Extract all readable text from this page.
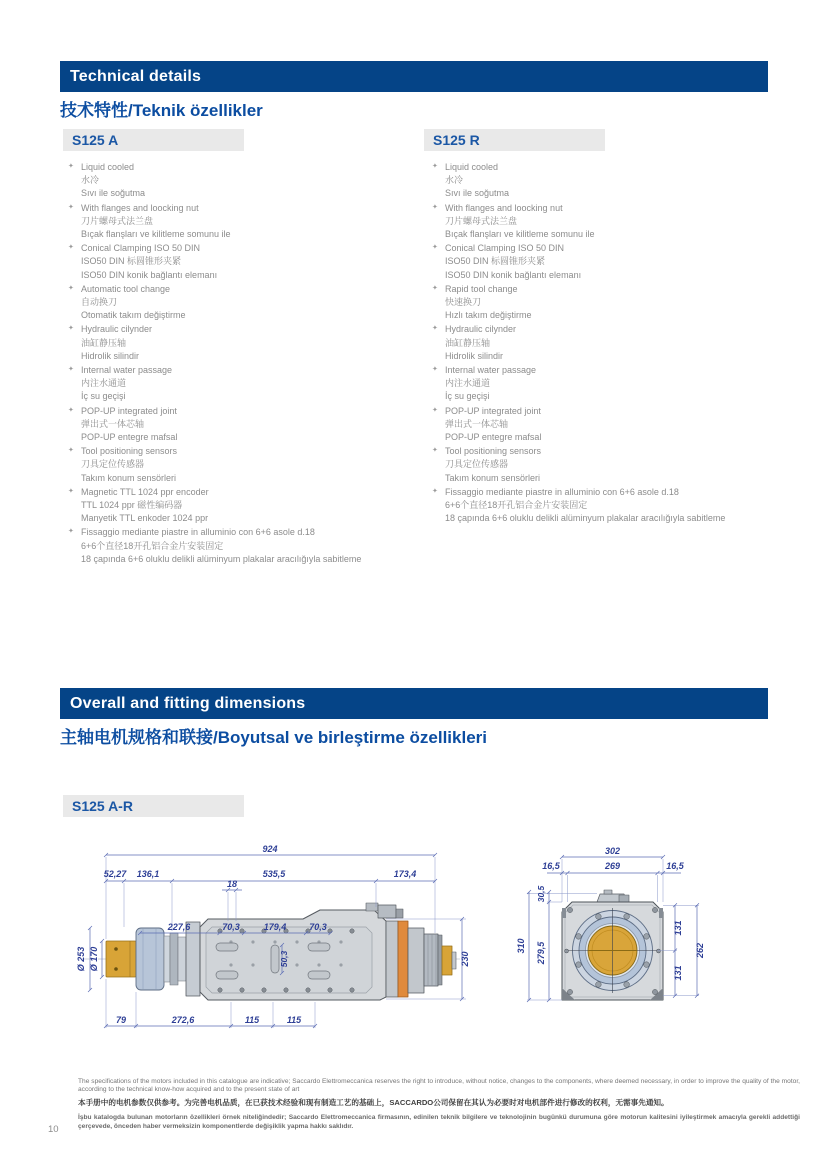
Technical details
技术特性/Teknik özellikler
S125 A	S125 R
✦ Liquid cooled
水冷
Sıvı ile soğutma
✦ With flanges and loocking nut
刀片螺母式法兰盘
Bıçak flanşları ve kilitleme somunu ile
✦ Conical Clamping ISO 50 DIN
ISO50 DIN 标圆锥形夹紧
ISO50 DIN konik bağlantı elemanı
✦ Automatic tool change
自动换刀
Otomatik takım değiştirme
✦ Hydraulic cilynder
油缸静压轴
Hidrolik silindir
✦ Internal water passage
内注水通道
İç su geçişi
✦ POP-UP integrated joint
弹出式一体芯轴
POP-UP entegre mafsal
✦ Tool positioning sensors
刀具定位传感器
Takım konum sensörleri
✦ Magnetic TTL 1024 ppr encoder
TTL 1024 ppr 磁性编码器
Manyetik TTL enkoder 1024 ppr
✦ Fissaggio mediante piastre in alluminio con 6+6 asole d.18
6+6个直径18开孔铝合金片安装固定
18 çapında 6+6 oluklu delikli alüminyum plakalar aracılığıyla sabitleme
✦ Liquid cooled
水冷
Sıvı ile soğutma
✦ With flanges and loocking nut
刀片螺母式法兰盘
Bıçak flanşları ve kilitleme somunu ile
✦ Conical Clamping ISO 50 DIN
ISO50 DIN 标圆锥形夹紧
ISO50 DIN konik bağlantı elemanı
✦ Rapid tool change
快速换刀
Hızlı takım değiştirme
✦ Hydraulic cilynder
油缸静压轴
Hidrolik silindir
✦ Internal water passage
内注水通道
İç su geçişi
✦ POP-UP integrated joint
弹出式一体芯轴
POP-UP entegre mafsal
✦ Tool positioning sensors
刀具定位传感器
Takım konum sensörleri
✦ Fissaggio mediante piastre in alluminio con 6+6 asole d.18
6+6个直径18开孔铝合金片安装固定
18 çapında 6+6 oluklu delikli alüminyum plakalar aracılığıyla sabitleme
Overall and fitting dimensions
主轴电机规格和联接/Boyutsal ve birleştirme özellikleri
S125 A-R
924
52,27 136,1	535,5	173,4
18
227,6	70,3	179,4	70,3
50,3
Ø 253 Ø 170	230
79	272,6	115	115
302
16,5	269	16,5
30,5
310 279,5
131
262
131
The specifications of the motors included in this catalogue are indicative; Saccardo Elettromeccanica reserves the right to introduce, without notice, changes to the components, where deemed necessary, in order to improve the quality of the motor, according to the technical know-how acquired and to the present state of art
本手册中的电机参数仅供参考。为完善电机品质，在已获技术经验和现有制造工艺的基础上，SACCARDO公司保留在其认为必要时对电机部件进行修改的权利，无需事先通知。
İşbu katalogda bulunan motorların özellikleri örnek niteliğindedir; Saccardo Elettromeccanica firmasının, edinilen teknik bilgilere ve teknolojinin bugünkü durumuna göre motorun kalitesini iyileştirmek amacıyla gerekli addettiği çerçevede, önceden haber vermeksizin komponentlerde değişiklik yapma hakkı saklıdır.
10
